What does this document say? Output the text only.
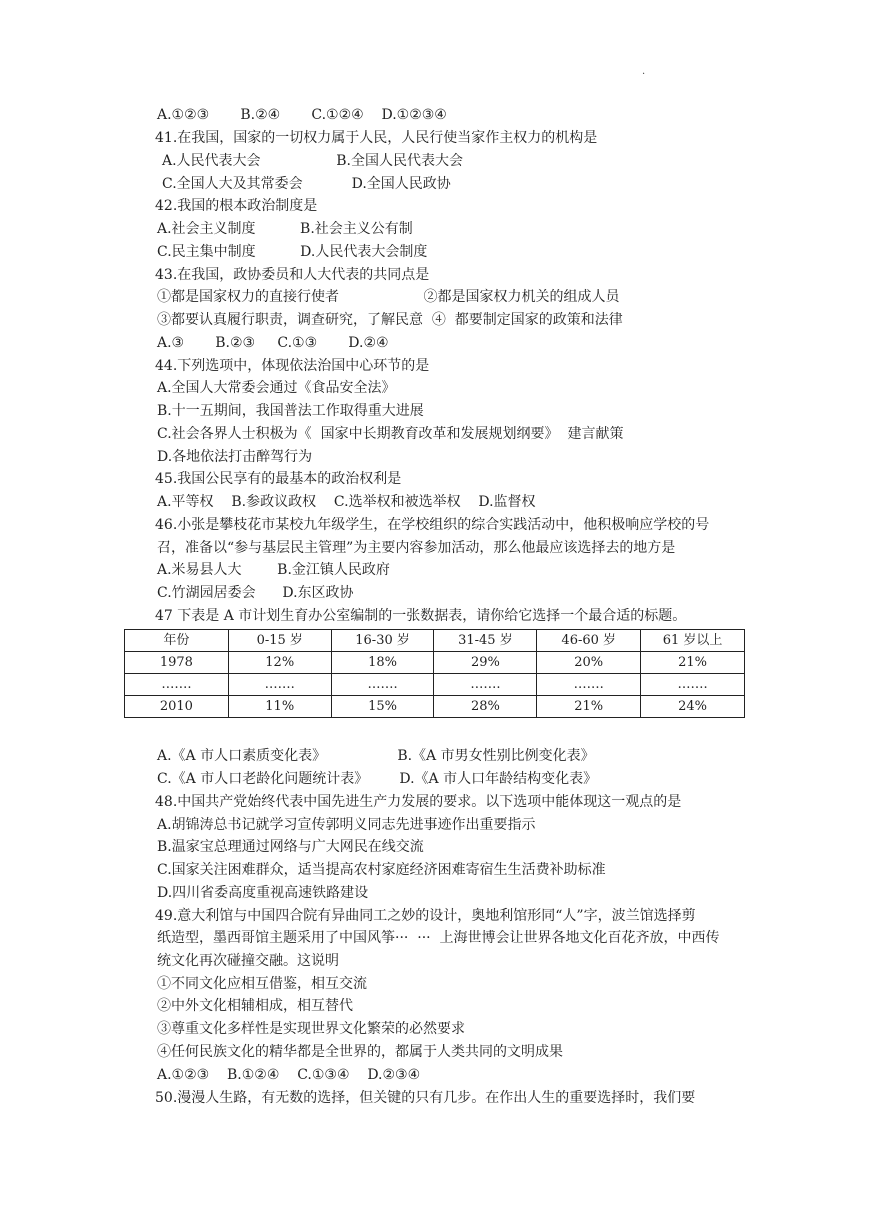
.
A.①②③       B.②④       C.①②④    D.①②③④
41.在我国，国家的一切权力属于人民，人民行使当家作主权力的机构是
A.人民代表大会                 B.全国人民代表大会
C.全国人大及其常委会           D.全国人民政协
42.我国的根本政治制度是
A.社会主义制度          B.社会主义公有制
C.民主集中制度          D.人民代表大会制度
43.在我国，政协委员和人大代表的共同点是
①都是国家权力的直接行使者                   ②都是国家权力机关的组成人员
③都要认真履行职责，调查研究，了解民意  ④  都要制定国家的政策和法律
A.③       B.②③     C.①③       D.②④
44.下列选项中，体现依法治国中心环节的是
A.全国人大常委会通过《食品安全法》
B.十一五期间，我国普法工作取得重大进展
C.社会各界人士积极为《  国家中长期教育改革和发展规划纲要》  建言献策
D.各地依法打击醉驾行为
45.我国公民享有的最基本的政治权利是
A.平等权    B.参政议政权    C.选举权和被选举权    D.监督权
46.小张是攀枝花市某校九年级学生，在学校组织的综合实践活动中，他积极响应学校的号
召，准备以“参与基层民主管理”为主要内容参加活动，那么他最应该选择去的地方是
A.米易县人大        B.金江镇人民政府
C.竹湖园居委会      D.东区政协
47 下表是 A 市计划生育办公室编制的一张数据表，请你给它选择一个最合适的标题。
A.《A 市人口素质变化表》                B.《A 市男女性别比例变化表》
C.《A 市人口老龄化问题统计表》       D.《A 市人口年龄结构变化表》
48.中国共产党始终代表中国先进生产力发展的要求。以下选项中能体现这一观点的是
A.胡锦涛总书记就学习宣传郭明义同志先进事迹作出重要指示
B.温家宝总理通过网络与广大网民在线交流
C.国家关注困难群众，适当提高农村家庭经济困难寄宿生生活费补助标准
D.四川省委高度重视高速铁路建设
49.意大利馆与中国四合院有异曲同工之妙的设计，奥地利馆形同“人”字，波兰馆选择剪
纸造型，墨西哥馆主题采用了中国风筝···  ···  上海世博会让世界各地文化百花齐放，中西传
统文化再次碰撞交融。这说明
①不同文化应相互借鉴，相互交流
②中外文化相辅相成，相互替代
③尊重文化多样性是实现世界文化繁荣的必然要求
④任何民族文化的精华都是全世界的，都属于人类共同的文明成果
A.①②③    B.①②④    C.①③④    D.②③④
50.漫漫人生路，有无数的选择，但关键的只有几步。在作出人生的重要选择时，我们要
年份	0-15 岁	16-30 岁	31-45 岁	46-60 岁	61 岁以上
1978	12%	18%	29%	20%	21%
…….	…….	…….	…….	…….	…….
2010	11%	15%	28%	21%	24%
